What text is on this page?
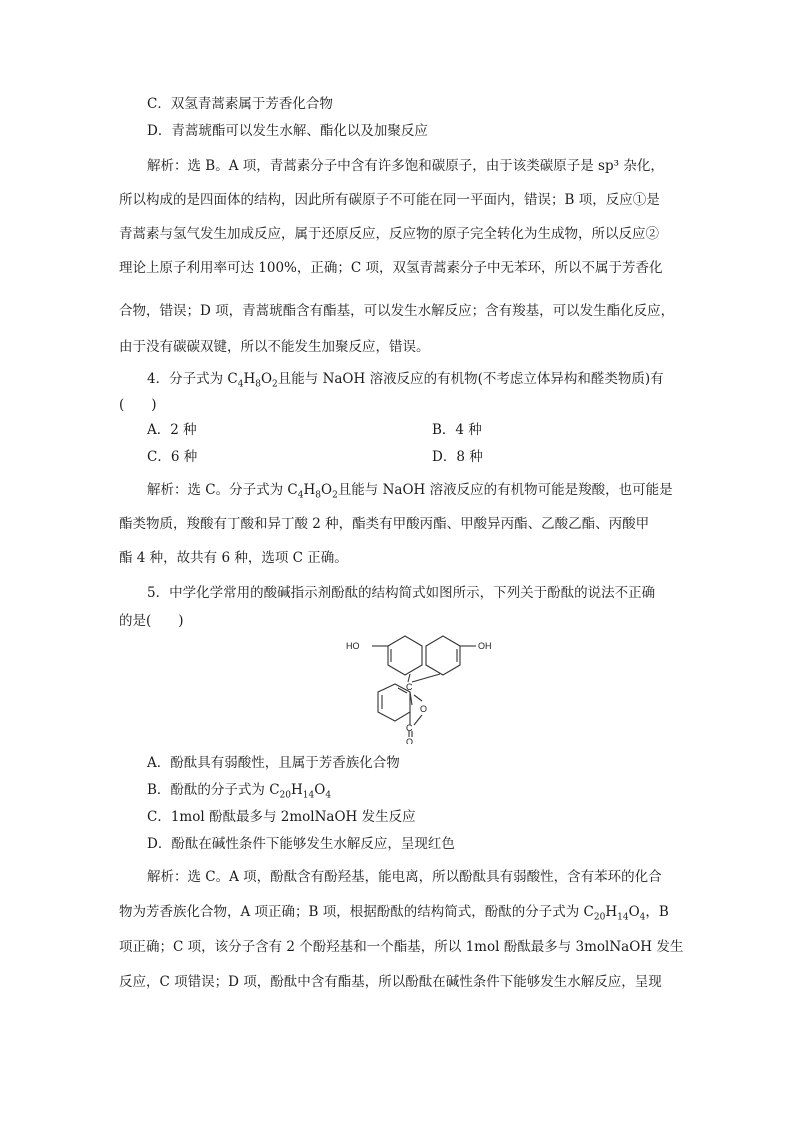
C．双氢青蒿素属于芳香化合物
D．青蒿琥酯可以发生水解、酯化以及加聚反应
解析：选 B。A 项，青蒿素分子中含有许多饱和碳原子，由于该类碳原子是 sp³ 杂化，
所以构成的是四面体的结构，因此所有碳原子不可能在同一平面内，错误；B 项，反应①是
青蒿素与氢气发生加成反应，属于还原反应，反应物的原子完全转化为生成物，所以反应②
理论上原子利用率可达 100%，正确；C 项，双氢青蒿素分子中无苯环，所以不属于芳香化
合物，错误；D 项，青蒿琥酯含有酯基，可以发生水解反应；含有羧基，可以发生酯化反应，
由于没有碳碳双键，所以不能发生加聚反应，错误。
4．分子式为 $C_4H_8O_2$且能与 NaOH 溶液反应的有机物(不考虑立体异构和醛类物质)有
(　　)
A．2 种	B．4 种
C．6 种	D．8 种
解析：选 C。分子式为 $C_4H_8O_2$且能与 NaOH 溶液反应的有机物可能是羧酸，也可能是
酯类物质，羧酸有丁酸和异丁酸 2 种，酯类有甲酸丙酯、甲酸异丙酯、乙酸乙酯、丙酸甲
酯 4 种，故共有 6 种，选项 C 正确。
5．中学化学常用的酸碱指示剂酚酞的结构简式如图所示，下列关于酚酞的说法不正确
的是(　　)
HO	OH
C
O
C
O
A．酚酞具有弱酸性，且属于芳香族化合物
B．酚酞的分子式为 $C_{20}H_{14}O_4$
C．1mol 酚酞最多与 2molNaOH 发生反应
D．酚酞在碱性条件下能够发生水解反应，呈现红色
解析：选 C。A 项，酚酞含有酚羟基，能电离，所以酚酞具有弱酸性，含有苯环的化合
物为芳香族化合物，A 项正确；B 项，根据酚酞的结构简式，酚酞的分子式为 $C_{20}H_{14}O_4$，B
项正确；C 项，该分子含有 2 个酚羟基和一个酯基，所以 1mol 酚酞最多与 3molNaOH 发生
反应，C 项错误；D 项，酚酞中含有酯基，所以酚酞在碱性条件下能够发生水解反应，呈现
